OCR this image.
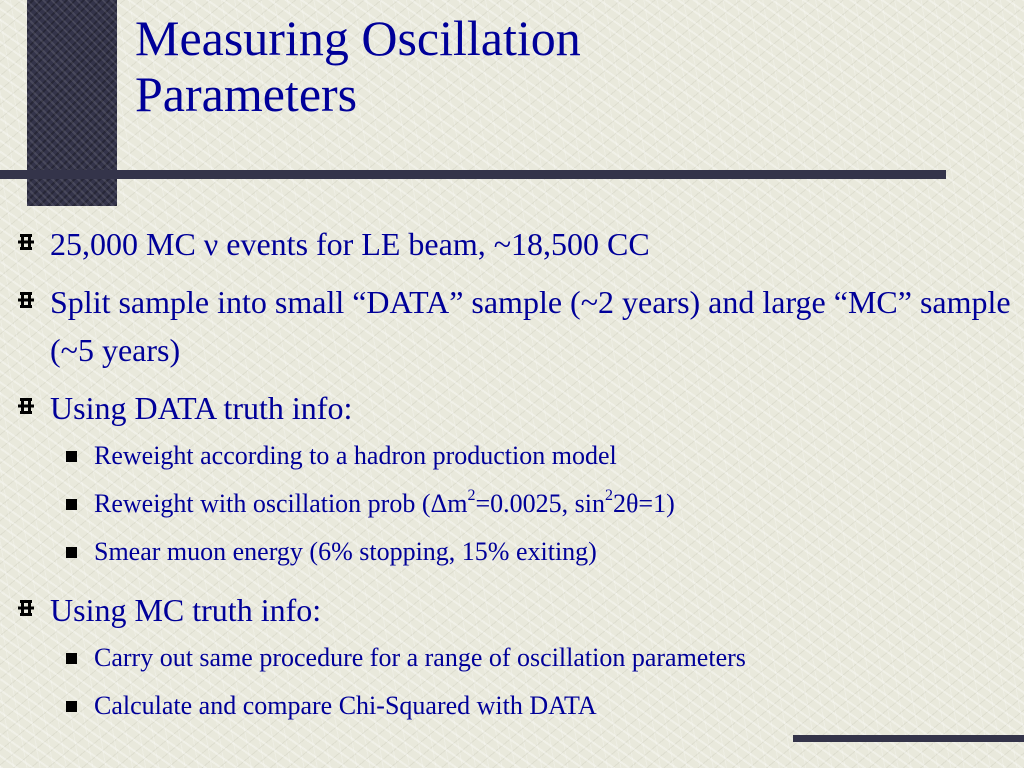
Measuring Oscillation
Parameters
25,000 MC ν events for LE beam, ~18,500 CC
Split sample into small “DATA” sample (~2 years) and large “MC” sample (~5 years)
Using DATA truth info:
Reweight according to a hadron production model
Reweight with oscillation prob ($\Delta m^2=0.0025$, $\sin^22\theta=1$)
Smear muon energy (6% stopping, 15% exiting)
Using MC truth info:
Carry out same procedure for a range of oscillation parameters
Calculate and compare Chi-Squared with DATA
